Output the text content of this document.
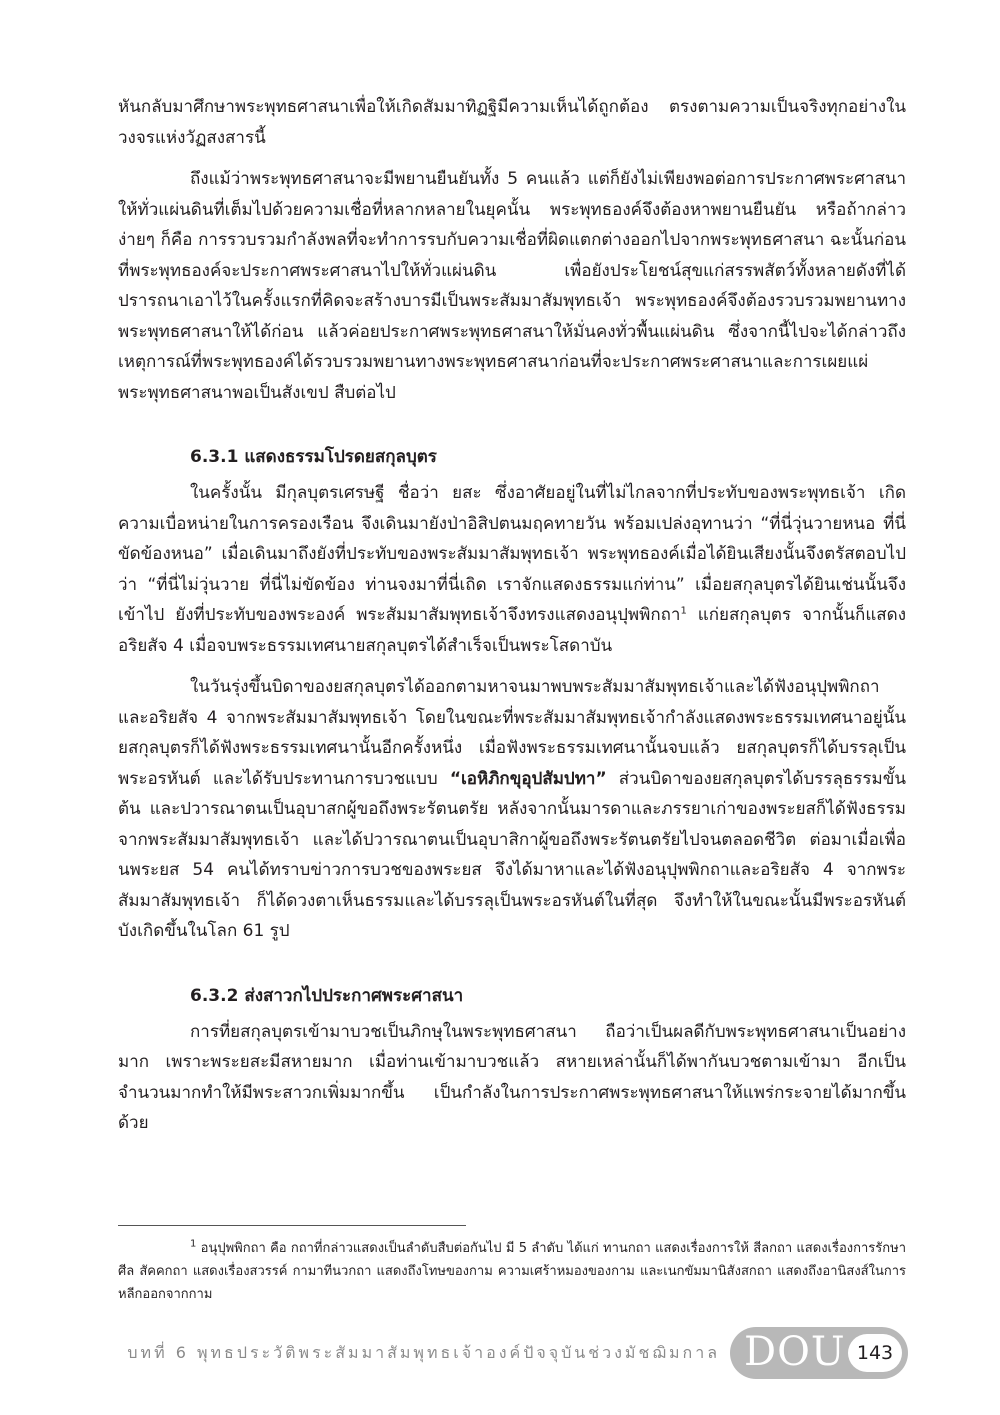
หันกลับมาศึกษาพระพุทธศาสนาเพื่อให้เกิดสัมมาทิฏฐิมีความเห็นได้ถูกต้อง ตรงตามความเป็นจริงทุกอย่างในวงจรแห่งวัฏสงสารนี้

ถึงแม้ว่าพระพุทธศาสนาจะมีพยานยืนยันทั้ง 5 คนแล้ว แต่ก็ยังไม่เพียงพอต่อการประกาศพระศาสนาให้ทั่วแผ่นดินที่เต็มไปด้วยความเชื่อที่หลากหลายในยุคนั้น พระพุทธองค์จึงต้องหาพยานยืนยัน หรือถ้ากล่าวง่ายๆ ก็คือ การรวบรวมกำลังพลที่จะทำการรบกับความเชื่อที่ผิดแตกต่างออกไปจากพระพุทธศาสนา ฉะนั้นก่อนที่พระพุทธองค์จะประกาศพระศาสนาไปให้ทั่วแผ่นดิน เพื่อยังประโยชน์สุขแก่สรรพสัตว์ทั้งหลายดังที่ได้ปรารถนาเอาไว้ในครั้งแรกที่คิดจะสร้างบารมีเป็นพระสัมมาสัมพุทธเจ้า พระพุทธองค์จึงต้องรวบรวมพยานทางพระพุทธศาสนาให้ได้ก่อน แล้วค่อยประกาศพระพุทธศาสนาให้มั่นคงทั่วพื้นแผ่นดิน ซึ่งจากนี้ไปจะได้กล่าวถึงเหตุการณ์ที่พระพุทธองค์ได้รวบรวมพยานทางพระพุทธศาสนาก่อนที่จะประกาศพระศาสนาและการเผยแผ่พระพุทธศาสนาพอเป็นสังเขป สืบต่อไป

6.3.1 แสดงธรรมโปรดยสกุลบุตร

ในครั้งนั้น มีกุลบุตรเศรษฐี ชื่อว่า ยสะ ซึ่งอาศัยอยู่ในที่ไม่ไกลจากที่ประทับของพระพุทธเจ้า เกิดความเบื่อหน่ายในการครองเรือน จึงเดินมายังป่าอิสิปตนมฤคทายวัน พร้อมเปล่งอุทานว่า “ที่นี่วุ่นวายหนอ ที่นี่ขัดข้องหนอ” เมื่อเดินมาถึงยังที่ประทับของพระสัมมาสัมพุทธเจ้า พระพุทธองค์เมื่อได้ยินเสียงนั้นจึงตรัสตอบไปว่า “ที่นี่ไม่วุ่นวาย ที่นี่ไม่ขัดข้อง ท่านจงมาที่นี่เถิด เราจักแสดงธรรมแก่ท่าน” เมื่อยสกุลบุตรได้ยินเช่นนั้นจึงเข้าไป ยังที่ประทับของพระองค์ พระสัมมาสัมพุทธเจ้าจึงทรงแสดงอนุปุพพิกถา$^1$ แก่ยสกุลบุตร จากนั้นก็แสดงอริยสัจ 4 เมื่อจบพระธรรมเทศนายสกุลบุตรได้สำเร็จเป็นพระโสดาบัน

ในวันรุ่งขึ้นบิดาของยสกุลบุตรได้ออกตามหาจนมาพบพระสัมมาสัมพุทธเจ้าและได้ฟังอนุปุพพิกถาและอริยสัจ 4 จากพระสัมมาสัมพุทธเจ้า โดยในขณะที่พระสัมมาสัมพุทธเจ้ากำลังแสดงพระธรรมเทศนาอยู่นั้น ยสกุลบุตรก็ได้ฟังพระธรรมเทศนานั้นอีกครั้งหนึ่ง เมื่อฟังพระธรรมเทศนานั้นจบแล้ว ยสกุลบุตรก็ได้บรรลุเป็นพระอรหันต์ และได้รับประทานการบวชแบบ “เอหิภิกขุอุปสัมปทา” ส่วนบิดาของยสกุลบุตรได้บรรลุธรรมขั้นต้น และปวารณาตนเป็นอุบาสกผู้ขอถึงพระรัตนตรัย หลังจากนั้นมารดาและภรรยาเก่าของพระยสก็ได้ฟังธรรมจากพระสัมมาสัมพุทธเจ้า และได้ปวารณาตนเป็นอุบาสิกาผู้ขอถึงพระรัตนตรัยไปจนตลอดชีวิต ต่อมาเมื่อเพื่อนพระยส 54 คนได้ทราบข่าวการบวชของพระยส จึงได้มาหาและได้ฟังอนุปุพพิกถาและอริยสัจ 4 จากพระสัมมาสัมพุทธเจ้า ก็ได้ดวงตาเห็นธรรมและได้บรรลุเป็นพระอรหันต์ในที่สุด จึงทำให้ในขณะนั้นมีพระอรหันต์บังเกิดขึ้นในโลก 61 รูป

6.3.2 ส่งสาวกไปประกาศพระศาสนา

การที่ยสกุลบุตรเข้ามาบวชเป็นภิกษุในพระพุทธศาสนา ถือว่าเป็นผลดีกับพระพุทธศาสนาเป็นอย่างมาก เพราะพระยสะมีสหายมาก เมื่อท่านเข้ามาบวชแล้ว สหายเหล่านั้นก็ได้พากันบวชตามเข้ามา อีกเป็นจำนวนมากทำให้มีพระสาวกเพิ่มมากขึ้น เป็นกำลังในการประกาศพระพุทธศาสนาให้แพร่กระจายได้มากขึ้นด้วย

$^1$ อนุปุพพิกถา คือ กถาที่กล่าวแสดงเป็นลำดับสืบต่อกันไป มี 5 ลำดับ ได้แก่ ทานกถา แสดงเรื่องการให้ สีลกถา แสดงเรื่องการรักษาศีล สัคคกถา แสดงเรื่องสวรรค์ กามาทีนวกถา แสดงถึงโทษของกาม ความเศร้าหมองของกาม และเนกขัมมานิสังสกถา แสดงถึงอานิสงส์ในการหลีกออกจากกาม
บทที่ 6 พุทธประวัติพระสัมมาสัมพุทธเจ้าองค์ปัจจุบันช่วงมัชฌิมกาล DOU 143
